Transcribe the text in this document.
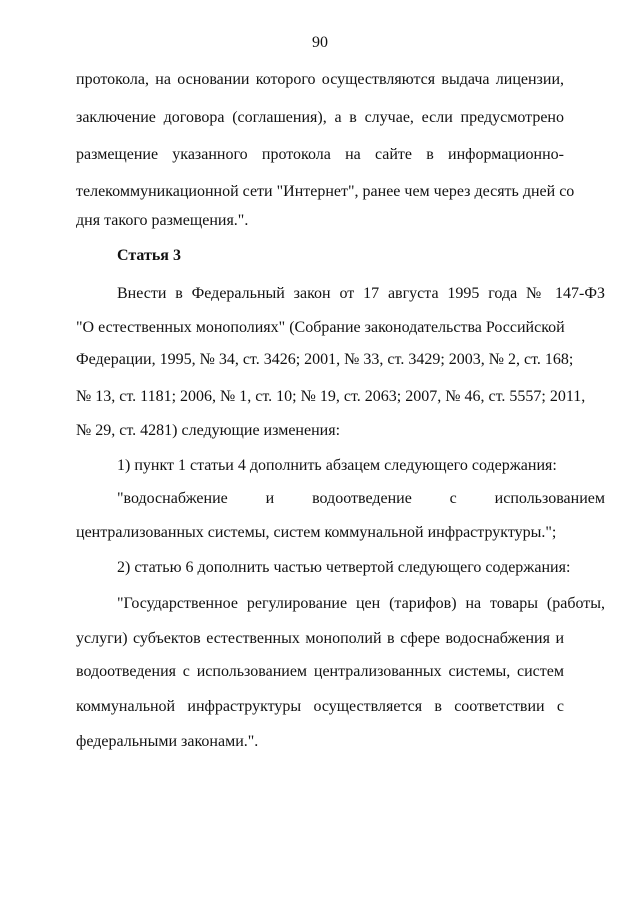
90
протокола, на основании которого осуществляются выдача лицензии,
заключение договора (соглашения), а в случае, если предусмотрено
размещение указанного протокола на сайте в информационно-
телекоммуникационной сети "Интернет", ранее чем через десять дней со
дня такого размещения.".
Статья 3
Внести в Федеральный закон от 17 августа 1995 года № 147-ФЗ
"О естественных монополиях" (Собрание законодательства Российской
Федерации, 1995, № 34, ст. 3426; 2001, № 33, ст. 3429; 2003, № 2, ст. 168;
№ 13, ст. 1181; 2006, № 1, ст. 10; № 19, ст. 2063; 2007, № 46, ст. 5557; 2011,
№ 29, ст. 4281) следующие изменения:
1) пункт 1 статьи 4 дополнить абзацем следующего содержания:
"водоснабжение и водоотведение с использованием
централизованных системы, систем коммунальной инфраструктуры.";
2) статью 6 дополнить частью четвертой следующего содержания:
"Государственное регулирование цен (тарифов) на товары (работы,
услуги) субъектов естественных монополий в сфере водоснабжения и
водоотведения с использованием централизованных системы, систем
коммунальной инфраструктуры осуществляется в соответствии с
федеральными законами.".
